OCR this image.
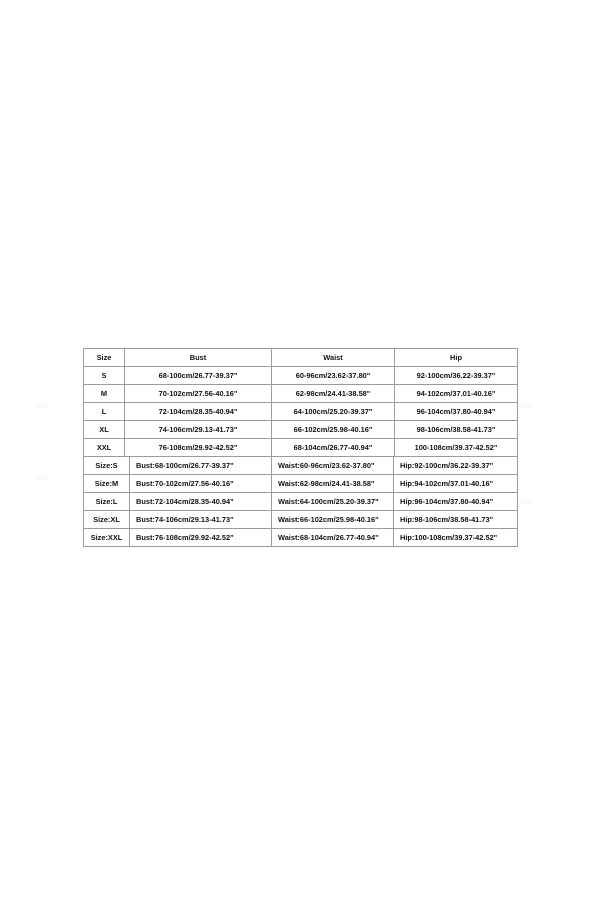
mz
mz
mz
mz
Size	Bust	Waist	Hip
S	68-100cm/26.77-39.37"	60-96cm/23.62-37.80"	92-100cm/36.22-39.37"
M	70-102cm/27.56-40.16"	62-98cm/24.41-38.58"	94-102cm/37.01-40.16"
L	72-104cm/28.35-40.94"	64-100cm/25.20-39.37"	96-104cm/37.80-40.94"
XL	74-106cm/29.13-41.73"	66-102cm/25.98-40.16"	98-106cm/38.58-41.73"
XXL	76-108cm/29.92-42.52"	68-104cm/26.77-40.94"	100-108cm/39.37-42.52"
Size:S	Bust:68-100cm/26.77-39.37"	Waist:60-96cm/23.62-37.80"	Hip:92-100cm/36.22-39.37"
Size:M	Bust:70-102cm/27.56-40.16"	Waist:62-98cm/24.41-38.58"	Hip:94-102cm/37.01-40.16"
Size:L	Bust:72-104cm/28.35-40.94"	Waist:64-100cm/25.20-39.37"	Hip:96-104cm/37.80-40.94"
Size:XL	Bust:74-106cm/29.13-41.73"	Waist:66-102cm/25.98-40.16"	Hip:98-106cm/38.58-41.73"
Size:XXL	Bust:76-108cm/29.92-42.52"	Waist:68-104cm/26.77-40.94"	Hip:100-108cm/39.37-42.52"
